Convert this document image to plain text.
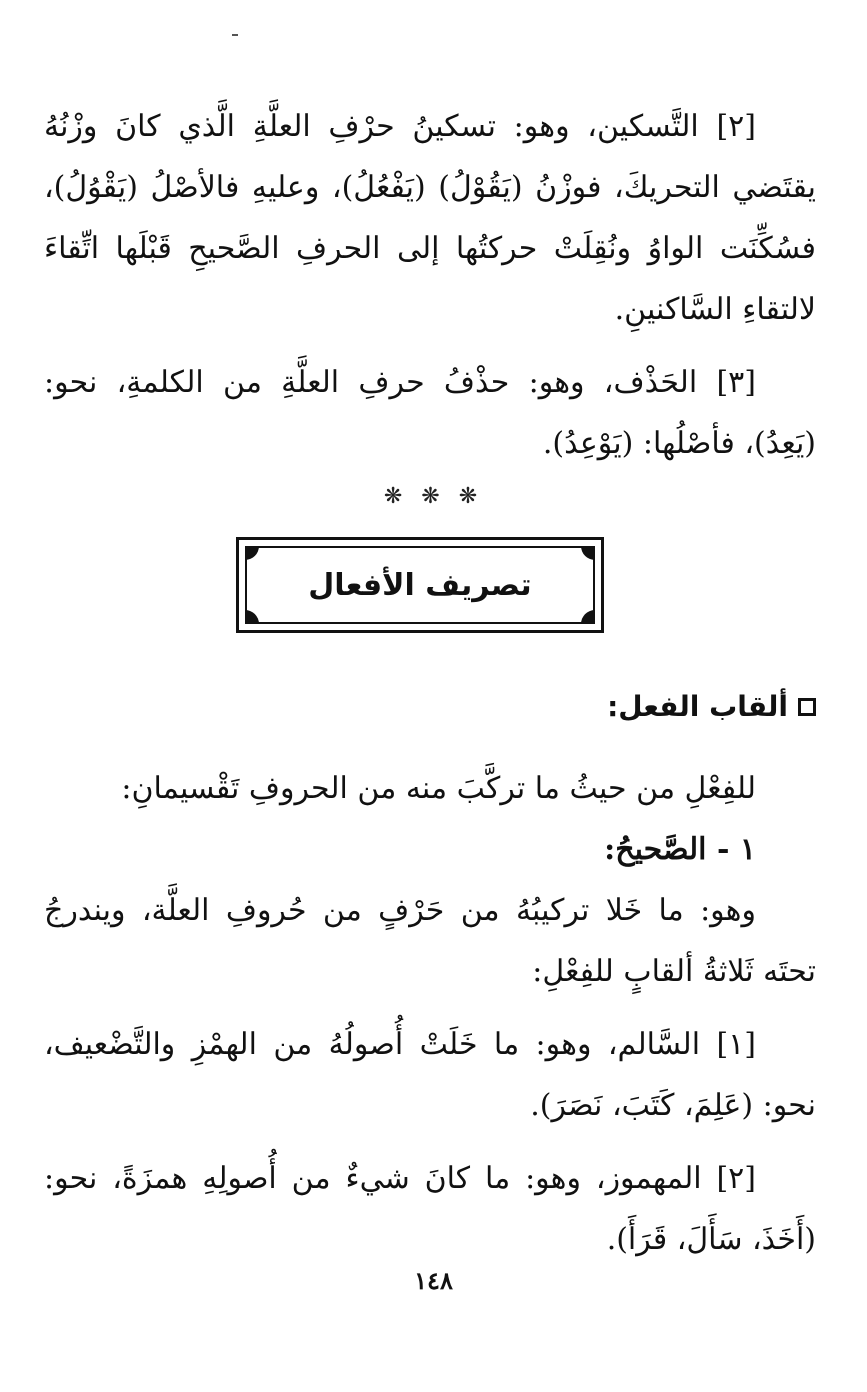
[٢] التَّسكين، وهو: تسكينُ حرْفِ العلَّةِ الَّذي كانَ وزْنُهُ يقتَضي التحريكَ، فوزْنُ (يَقُوْلُ) (يَفْعُلُ)، وعليهِ فالأصْلُ (يَقْوُلُ)، فسُكِّنَت الواوُ ونُقِلَتْ حركتُها إلى الحرفِ الصَّحيحِ قَبْلَها اتِّقاءَ لالتقاءِ السَّاكنينِ.

[٣] الحَذْف، وهو: حذْفُ حرفِ العلَّةِ من الكلمةِ، نحو: (يَعِدُ)، فأصْلُها: (يَوْعِدُ).

❋ ❋ ❋
تصريف الأفعال
ألقاب الفعل:

للفِعْلِ من حيثُ ما تركَّبَ منه من الحروفِ تَقْسيمانِ:

١ - الصَّحيحُ:

وهو: ما خَلا تركيبُهُ من حَرْفٍ من حُروفِ العلَّة، ويندرجُ تحتَه ثَلاثةُ ألقابٍ للفِعْلِ:

[١] السَّالم، وهو: ما خَلَتْ أُصولُهُ من الهمْزِ والتَّضْعيف، نحو: (عَلِمَ، كَتَبَ، نَصَرَ).

[٢] المهموز، وهو: ما كانَ شيءٌ من أُصولِهِ همزَةً، نحو: (أَخَذَ، سَأَلَ، قَرَأَ).

١٤٨
